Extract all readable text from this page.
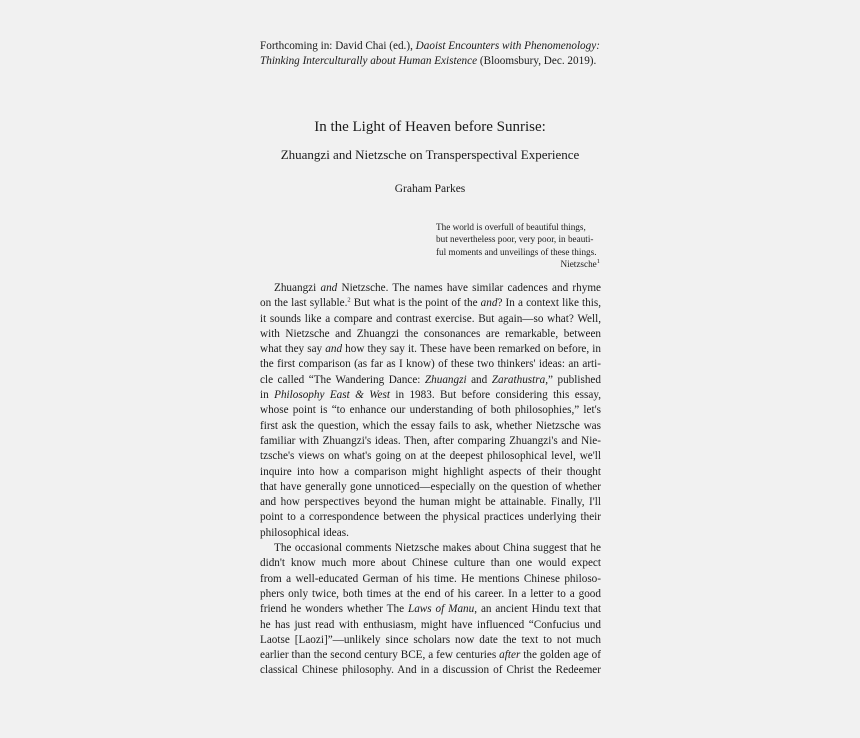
Forthcoming in: David Chai (ed.), Daoist Encounters with Phenomenology:
Thinking Interculturally about Human Existence (Bloomsbury, Dec. 2019).
In the Light of Heaven before Sunrise:
Zhuangzi and Nietzsche on Transperspectival Experience
Graham Parkes
The world is overfull of beautiful things,
but nevertheless poor, very poor, in beauti-
ful moments and unveilings of these things.
Nietzsche$^1$
Zhuangzi and Nietzsche. The names have similar cadences and rhyme
on the last syllable.$^2$ But what is the point of the and? In a context like this,
it sounds like a compare and contrast exercise. But again—so what? Well,
with Nietzsche and Zhuangzi the consonances are remarkable, between
what they say and how they say it. These have been remarked on before, in
the first comparison (as far as I know) of these two thinkers' ideas: an arti-
cle called “The Wandering Dance: Zhuangzi and Zarathustra,” published
in Philosophy East & West in 1983. But before considering this essay,
whose point is “to enhance our understanding of both philosophies,” let's
first ask the question, which the essay fails to ask, whether Nietzsche was
familiar with Zhuangzi's ideas. Then, after comparing Zhuangzi's and Nie-
tzsche's views on what's going on at the deepest philosophical level, we'll
inquire into how a comparison might highlight aspects of their thought
that have generally gone unnoticed—especially on the question of whether
and how perspectives beyond the human might be attainable. Finally, I'll
point to a correspondence between the physical practices underlying their
philosophical ideas.
The occasional comments Nietzsche makes about China suggest that he
didn't know much more about Chinese culture than one would expect
from a well-educated German of his time. He mentions Chinese philoso-
phers only twice, both times at the end of his career. In a letter to a good
friend he wonders whether The Laws of Manu, an ancient Hindu text that
he has just read with enthusiasm, might have influenced “Confucius und
Laotse [Laozi]”—unlikely since scholars now date the text to not much
earlier than the second century BCE, a few centuries after the golden age of
classical Chinese philosophy. And in a discussion of Christ the Redeemer
